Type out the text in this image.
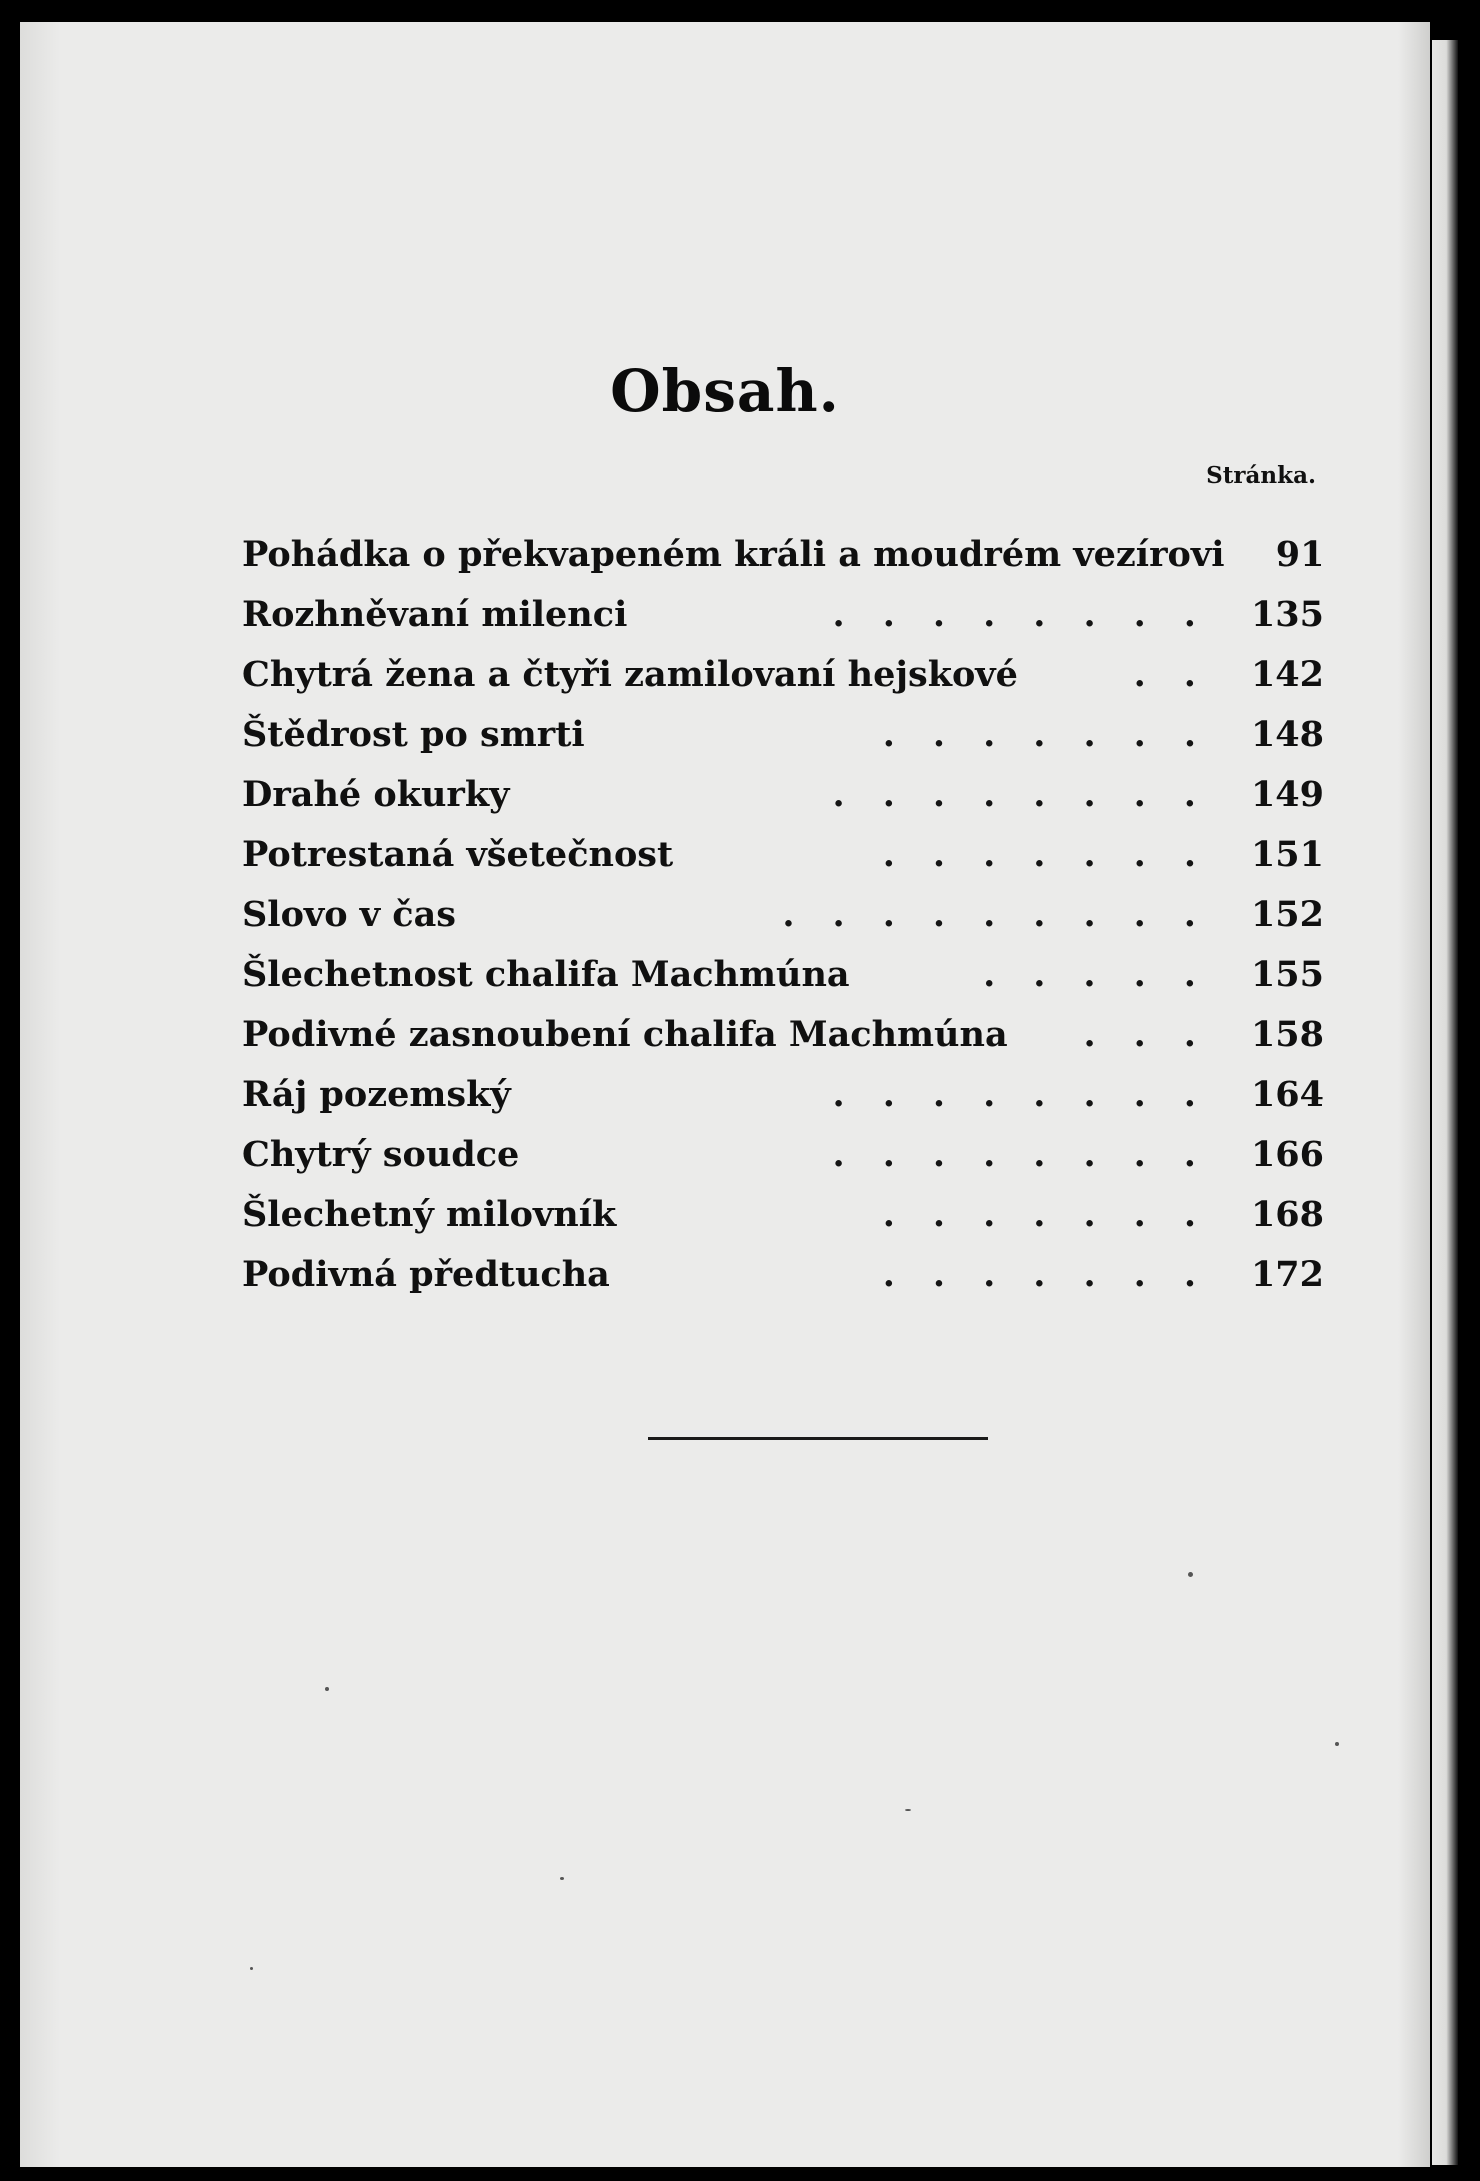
Obsah.
Stránka.
Pohádka o překvapeném králi a moudrém vezírovi	91
Rozhněvaní milenci	........ 135
Chytrá žena a čtyři zamilovaní hejskové	.. 142
Štědrost po smrti	....... 148
Drahé okurky	........ 149
Potrestaná všetečnost	....... 151
Slovo v čas	......... 152
Šlechetnost chalifa Machmúna	..... 155
Podivné zasnoubení chalifa Machmúna	... 158
Ráj pozemský	........ 164
Chytrý soudce	........ 166
Šlechetný milovník	....... 168
Podivná předtucha	....... 172
